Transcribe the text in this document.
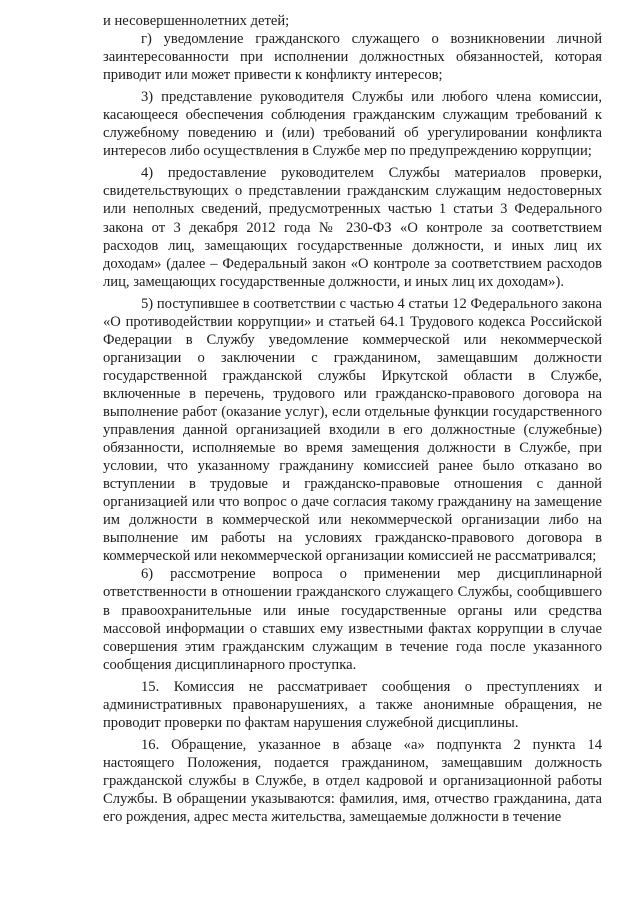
и несовершеннолетних детей;

г) уведомление гражданского служащего о возникновении личной заинтересованности при исполнении должностных обязанностей, которая приводит или может привести к конфликту интересов;

3) представление руководителя Службы или любого члена комиссии, касающееся обеспечения соблюдения гражданским служащим требований к служебному поведению и (или) требований об урегулировании конфликта интересов либо осуществления в Службе мер по предупреждению коррупции;

4) предоставление руководителем Службы материалов проверки, свидетельствующих о представлении гражданским служащим недостоверных или неполных сведений, предусмотренных частью 1 статьи 3 Федерального закона от 3 декабря 2012 года № 230-ФЗ «О контроле за соответствием расходов лиц, замещающих государственные должности, и иных лиц их доходам» (далее – Федеральный закон «О контроле за соответствием расходов лиц, замещающих государственные должности, и иных лиц их доходам»).

5) поступившее в соответствии с частью 4 статьи 12 Федерального закона «О противодействии коррупции» и статьей 64.1 Трудового кодекса Российской Федерации в Службу уведомление коммерческой или некоммерческой организации о заключении с гражданином, замещавшим должности государственной гражданской службы Иркутской области в Службе, включенные в перечень, трудового или гражданско-правового договора на выполнение работ (оказание услуг), если отдельные функции государственного управления данной организацией входили в его должностные (служебные) обязанности, исполняемые во время замещения должности в Службе, при условии, что указанному гражданину комиссией ранее было отказано во вступлении в трудовые и гражданско-правовые отношения с данной организацией или что вопрос о даче согласия такому гражданину на замещение им должности в коммерческой или некоммерческой организации либо на выполнение им работы на условиях гражданско-правового договора в коммерческой или некоммерческой организации комиссией не рассматривался;

6) рассмотрение вопроса о применении мер дисциплинарной ответственности в отношении гражданского служащего Службы, сообщившего в правоохранительные или иные государственные органы или средства массовой информации о ставших ему известными фактах коррупции в случае совершения этим гражданским служащим в течение года после указанного сообщения дисциплинарного проступка.

15. Комиссия не рассматривает сообщения о преступлениях и административных правонарушениях, а также анонимные обращения, не проводит проверки по фактам нарушения служебной дисциплины.

16. Обращение, указанное в абзаце «а» подпункта 2 пункта 14 настоящего Положения, подается гражданином, замещавшим должность гражданской службы в Службе, в отдел кадровой и организационной работы Службы. В обращении указываются: фамилия, имя, отчество гражданина, дата его рождения, адрес места жительства, замещаемые должности в течение
